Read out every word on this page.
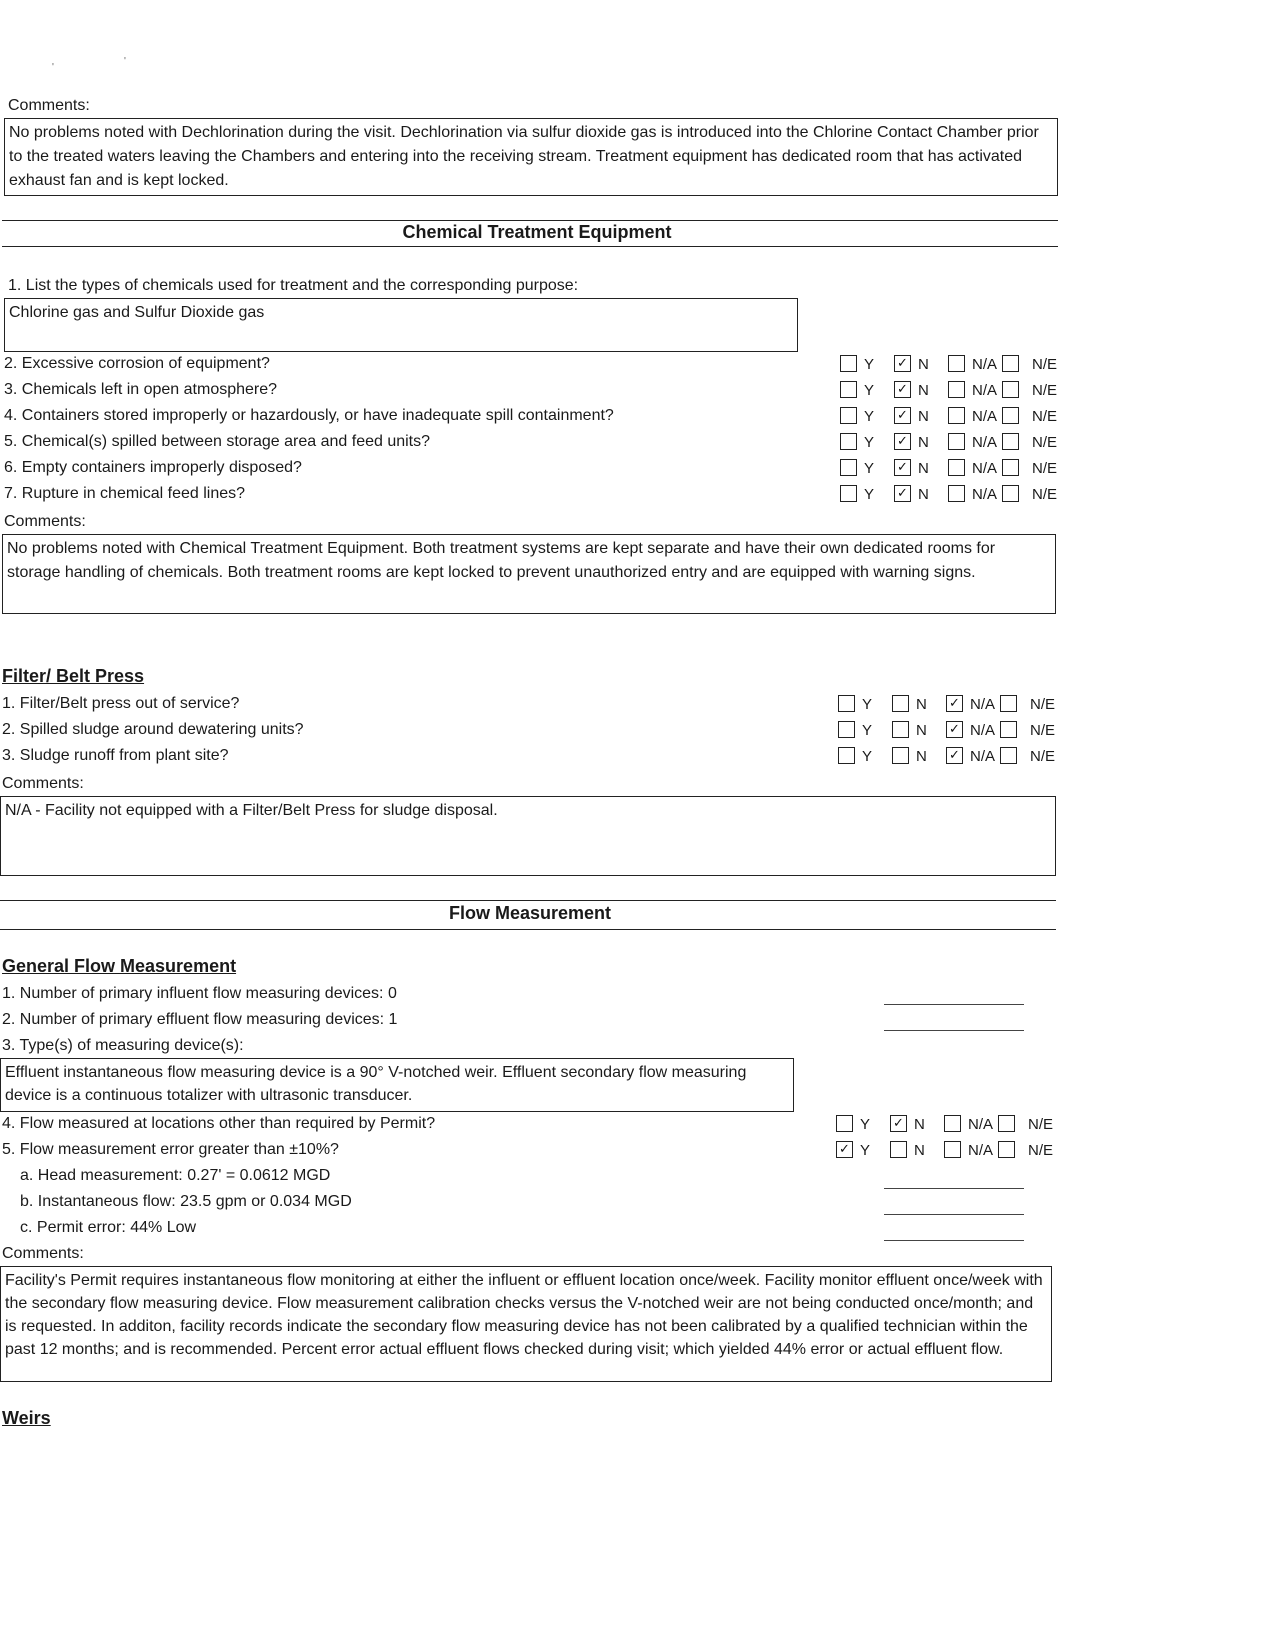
'
'
Comments:
No problems noted with Dechlorination during the visit. Dechlorination via sulfur dioxide gas is introduced into the Chlorine Contact Chamber prior to the treated waters leaving the Chambers and entering into the receiving stream. Treatment equipment has dedicated room that has activated exhaust fan and is kept locked.
Chemical Treatment Equipment
1. List the types of chemicals used for treatment and the corresponding purpose:
Chlorine gas and Sulfur Dioxide gas
2. Excessive corrosion of equipment?	Y ✓ N	N/A N/E
3. Chemicals left in open atmosphere?	Y ✓ N	N/A N/E
4. Containers stored improperly or hazardously, or have inadequate spill containment?	Y ✓ N	N/A N/E
5. Chemical(s) spilled between storage area and feed units?	Y ✓ N	N/A N/E
6. Empty containers improperly disposed?	Y ✓ N	N/A N/E
7. Rupture in chemical feed lines?	Y ✓ N	N/A N/E
Comments:
No problems noted with Chemical Treatment Equipment. Both treatment systems are kept separate and have their own dedicated rooms for storage handling of chemicals. Both treatment rooms are kept locked to prevent unauthorized entry and are equipped with warning signs.
Filter/ Belt Press
1. Filter/Belt press out of service?	Y	N ✓ N/A N/E
2. Spilled sludge around dewatering units?	Y	N ✓ N/A N/E
3. Sludge runoff from plant site?	Y	N ✓ N/A N/E
Comments:
N/A - Facility not equipped with a Filter/Belt Press for sludge disposal.
Flow Measurement
General Flow Measurement
1. Number of primary influent flow measuring devices: 0
2. Number of primary effluent flow measuring devices: 1
3. Type(s) of measuring device(s):
Effluent instantaneous flow measuring device is a 90° V-notched weir. Effluent secondary flow measuring device is a continuous totalizer with ultrasonic transducer.
4. Flow measured at locations other than required by Permit?	Y ✓ N	N/A N/E
5. Flow measurement error greater than ±10%?	✓ Y	N	N/A N/E
a. Head measurement: 0.27' = 0.0612 MGD
b. Instantaneous flow: 23.5 gpm or 0.034 MGD
c. Permit error: 44% Low
Comments:
Facility's Permit requires instantaneous flow monitoring at either the influent or effluent location once/week. Facility monitor effluent once/week with the secondary flow measuring device. Flow measurement calibration checks versus the V-notched weir are not being conducted once/month; and is requested. In additon, facility records indicate the secondary flow measuring device has not been calibrated by a qualified technician within the past 12 months; and is recommended. Percent error actual effluent flows checked during visit; which yielded 44% error or actual effluent flow.
Weirs
